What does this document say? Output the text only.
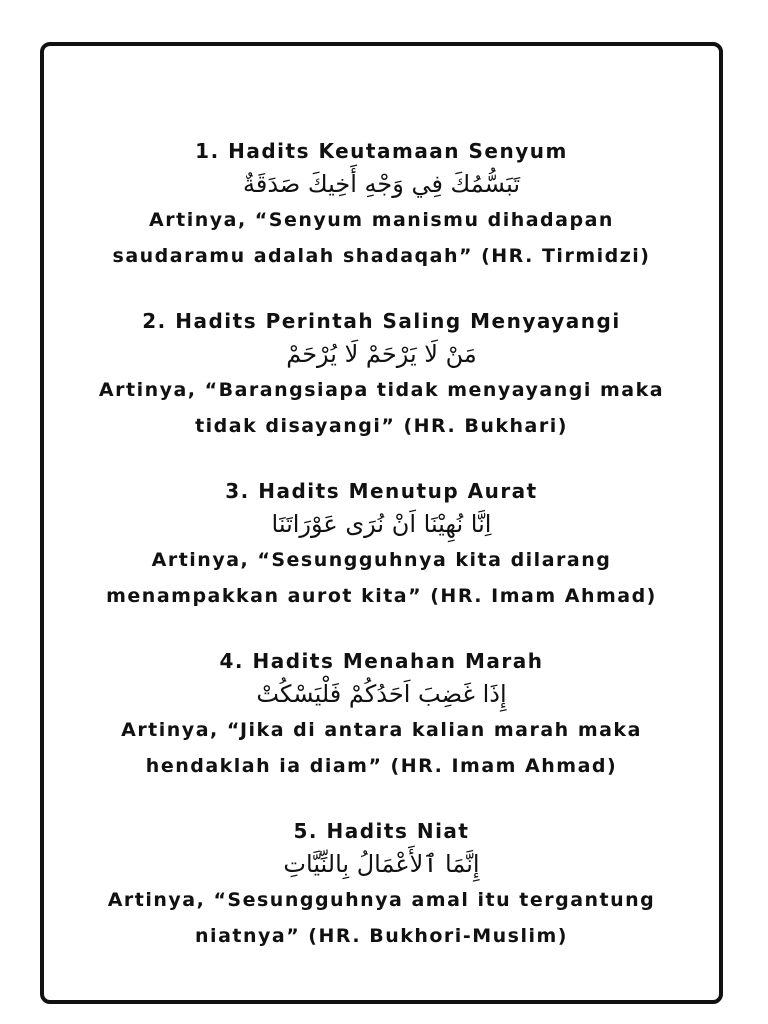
1. Hadits Keutamaan Senyum

تَبَسُّمُكَ فِي وَجْهِ أَخِيكَ صَدَقَةٌ

Artinya, “Senyum manismu dihadapan saudaramu adalah shadaqah” (HR. Tirmidzi)

2. Hadits Perintah Saling Menyayangi

مَنْ لَا يَرْحَمْ لَا يُرْحَمْ

Artinya, “Barangsiapa tidak menyayangi maka tidak disayangi” (HR. Bukhari)

3. Hadits Menutup Aurat

اِنَّا نُهِيْنَا اَنْ نُرَى عَوْرَاتَنَا

Artinya, “Sesungguhnya kita dilarang menampakkan aurot kita” (HR. Imam Ahmad)

4. Hadits Menahan Marah

إِذَا غَضِبَ اَحَدُكُمْ فَلْيَسْكُتْ

Artinya, “Jika di antara kalian marah maka hendaklah ia diam” (HR. Imam Ahmad)

5. Hadits Niat

إِنَّمَا ٱلأَعْمَالُ بِالنِّيَّاتِ

Artinya, “Sesungguhnya amal itu tergantung niatnya” (HR. Bukhori-Muslim)
